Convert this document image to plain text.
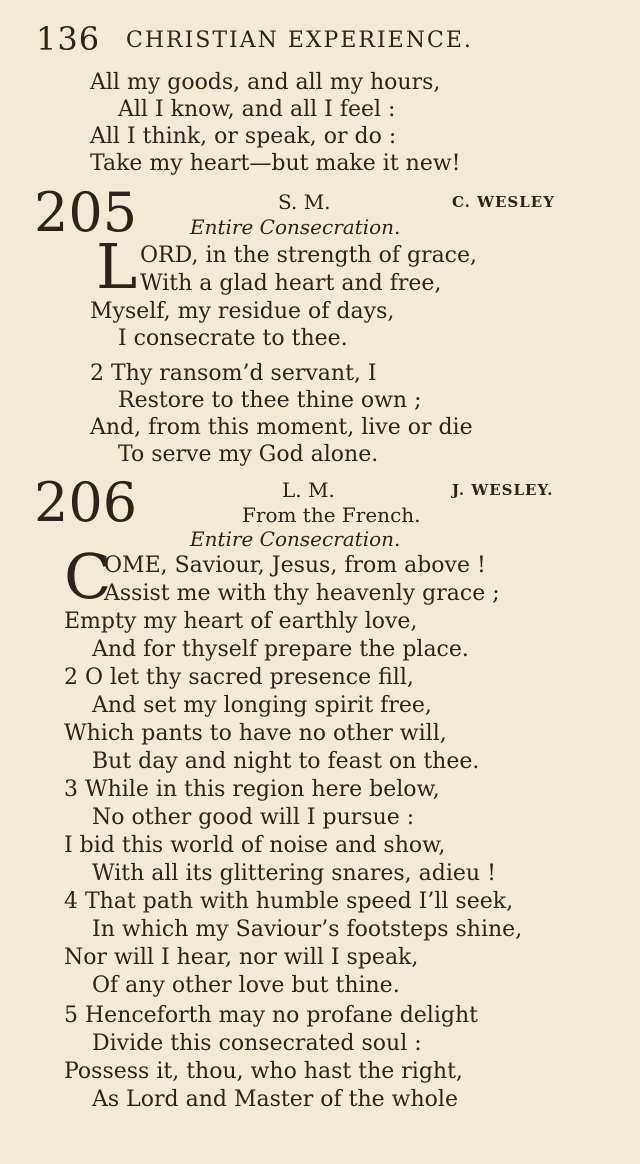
136 CHRISTIAN EXPERIENCE.
All my goods, and all my hours,
All I know, and all I feel :
All I think, or speak, or do :
Take my heart—but make it new!
205	S. M.	C. WESLEY
Entire Consecration.
L ORD, in the strength of grace,
With a glad heart and free,
Myself, my residue of days,
I consecrate to thee.
2 Thy ransom’d servant, I
Restore to thee thine own ;
And, from this moment, live or die
To serve my God alone.
206	L. M.	J. WESLEY.
From the French.
Entire Consecration.
C
OME, Saviour, Jesus, from above !
Assist me with thy heavenly grace ;
Empty my heart of earthly love,
And for thyself prepare the place.
2 O let thy sacred presence fill,
And set my longing spirit free,
Which pants to have no other will,
But day and night to feast on thee.
3 While in this region here below,
No other good will I pursue :
I bid this world of noise and show,
With all its glittering snares, adieu !
4 That path with humble speed I’ll seek,
In which my Saviour’s footsteps shine,
Nor will I hear, nor will I speak,
Of any other love but thine.
5 Henceforth may no profane delight
Divide this consecrated soul :
Possess it, thou, who hast the right,
As Lord and Master of the whole
